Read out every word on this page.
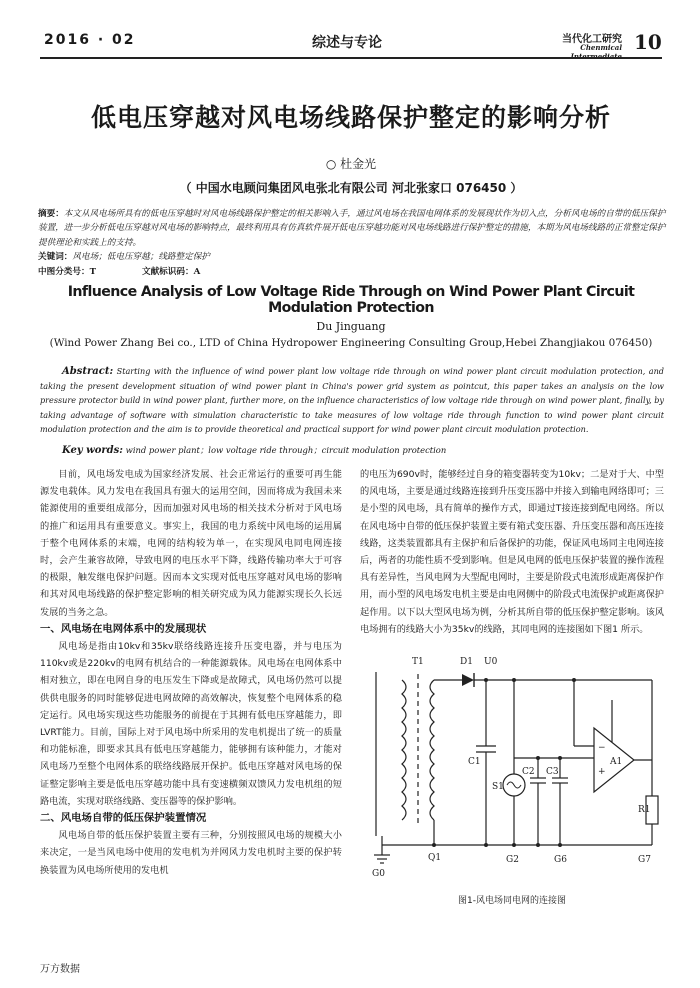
2016 · 02	综述与专论	当代化工研究
Chenmical 10
低电压穿越对风电场线路保护整定的影响分析
○ 杜金光
（ 中国水电顾问集团风电张北有限公司 河北张家口 076450 ）
摘要：本文从风电场所具有的低电压穿越时对风电场线路保护整定的相关影响入手，通过风电场在我国电网体系的发展现状作为切入点，分析风电场的自带的低压保护装置，进一步分析低电压穿越对风电场的影响特点，最终利用具有仿真软件展开低电压穿越功能对风电场线路进行保护整定的措施，本期为风电场线路的正常整定保护提供理论和实践上的支持。
关键词：风电场；低电压穿越；线路整定保护
中图分类号：T	文献标识码：A
Influence Analysis of Low Voltage Ride Through on Wind Power Plant Circuit Modulation Protection
Du Jinguang
(Wind Power Zhang Bei co., LTD of China Hydropower Engineering Consulting Group,Hebei Zhangjiakou 076450)
Abstract: Starting with the influence of wind power plant low voltage ride through on wind power plant circuit modulation protection, and taking the present development situation of wind power plant in China's power grid system as pointcut, this paper takes an analysis on the low pressure protector build in wind power plant, further more, on the influence characteristics of low voltage ride through on wind power plant, finally, by taking advantage of software with simulation characteristic to take measures of low voltage ride through function to wind power plant circuit modulation protection and the aim is to provide theoretical and practical support for wind power plant circuit modulation protection.
Key words: wind power plant；low voltage ride through；circuit modulation protection

目前，风电场发电成为国家经济发展、社会正常运行的重要可再生能源发电载体。风力发电在我国具有强大的运用空间，因而将成为我国未来能源使用的重要组成部分，因而加强对风电场的相关技术分析对于风电场的推广和运用具有重要意义。事实上，我国的电力系统中风电场的运用属于整个电网体系的末端，电网的结构较为单一，在实现风电同电网连接时，会产生兼容故障，导致电网的电压水平下降，线路传输功率大于可容的极限，触发继电保护问题。因而本文实现对低电压穿越对风电场的影响和其对风电场线路的保护整定影响的相关研究成为风力能源实现长久长远发展的当务之急。

一、风电场在电网体系中的发展现状

风电场是指由10kv和35kv联络线路连接升压变电器，并与电压为110kv或是220kv的电网有机结合的一种能源载体。风电场在电网体系中相对独立，即在电网自身的电压发生下降或是故障式，风电场仍然可以提供供电服务的同时能够促进电网故障的高效解决，恢复整个电网体系的稳定运行。风电场实现这些功能服务的前提在于其拥有低电压穿越能力，即LVRT能力。目前，国际上对于风电场中所采用的发电机提出了统一的质量和功能标准，即要求其具有低电压穿越能力，能够拥有该种能力，才能对风电场乃至整个电网体系的联络线路展开保护。低电压穿越对风电场的保证整定影响主要是低电压穿越功能中具有变速横频双馈风力发电机组的短路电流，实现对联络线路、变压器等的保护影响。

二、风电场自带的低压保护装置情况

风电场自带的低压保护装置主要有三种，分别按照风电场的规模大小来决定，一是当风电场中使用的发电机为并网风力发电机时主要的保护转换装置为风电场所使用的发电机

的电压为690v时，能够经过自身的箱变器转变为10kv；二是对于大、中型的风电场，主要是通过线路连接到升压变压器中并接入到输电网络即可；三是小型的风电场，具有简单的操作方式，即通过T接连接到配电网络。所以在风电场中自带的低压保护装置主要有箱式变压器、升压变压器和高压连接线路，这类装置都具有主保护和后备保护的功能，保证风电场同主电网连接后，两者的功能性质不受到影响。但是风电网的低电压保护装置的操作流程具有差异性，当风电网为大型配电网时，主要是阶段式电流形成距离保护作用，而小型的风电场发电机主要是由电网侧中的阶段式电流保护或距离保护起作用。以下以大型风电场为例，分析其所自带的低压保护整定影响。该风电场拥有的线路大小为35kv的线路，其同电网的连接图如下图1 所示。

−
+
T1	D1 U0
C1
S1
C2 C3
A1
R1
G0
Q1	G2	G6	G7
图1-风电场同电网的连接图
万方数据
